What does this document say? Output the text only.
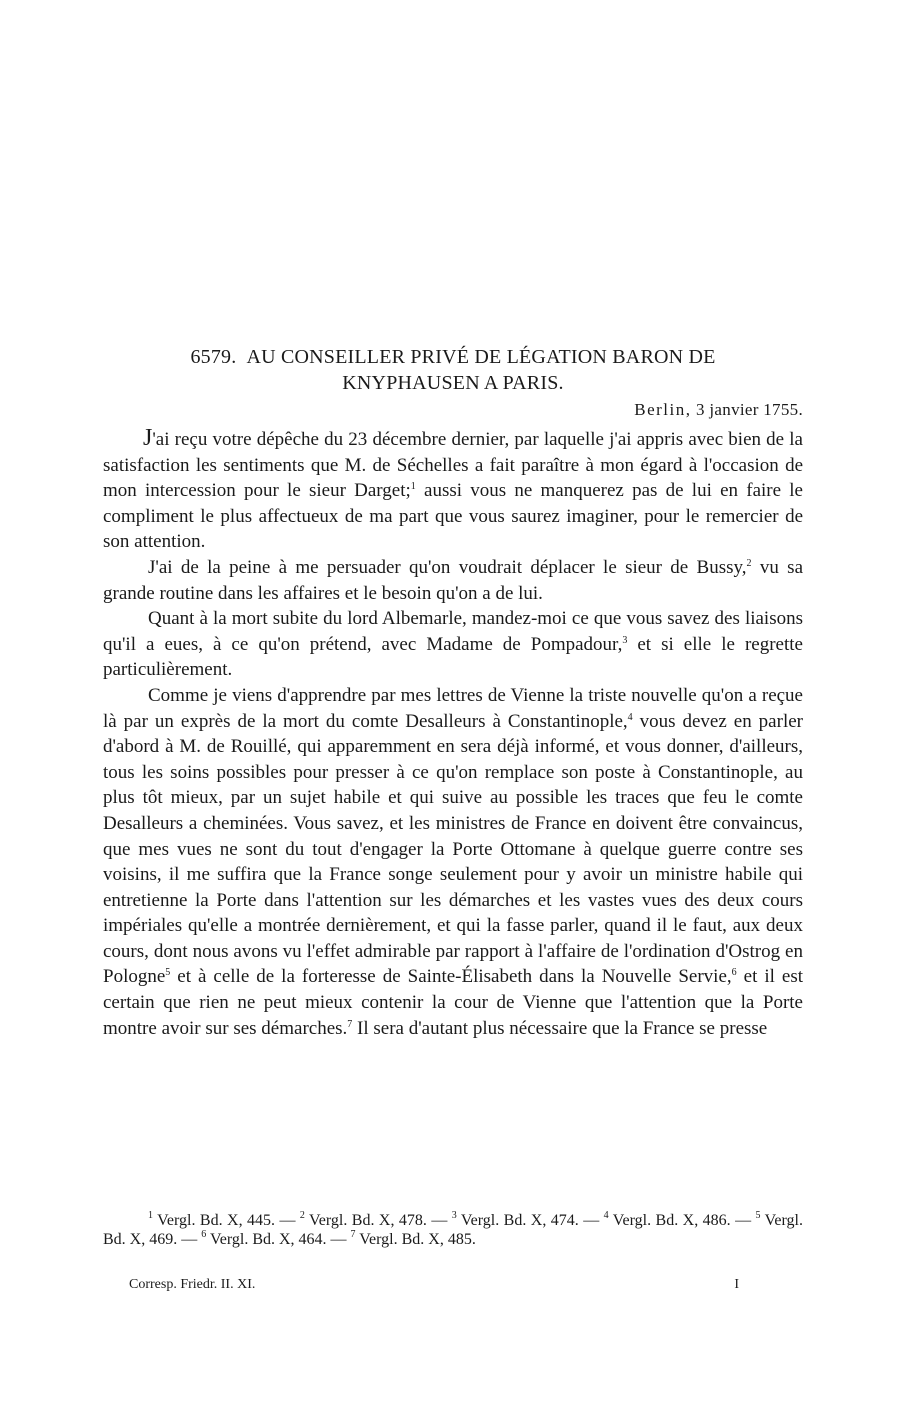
6579. AU CONSEILLER PRIVÉ DE LÉGATION BARON DE
KNYPHAUSEN A PARIS.
Berlin, 3 janvier 1755.

J'ai reçu votre dépêche du 23 décembre dernier, par laquelle j'ai appris avec bien de la satisfaction les sentiments que M. de Séchelles a fait paraître à mon égard à l'occasion de mon intercession pour le sieur Darget;$^1$ aussi vous ne manquerez pas de lui en faire le compliment le plus affectueux de ma part que vous saurez imaginer, pour le remercier de son attention.

J'ai de la peine à me persuader qu'on voudrait déplacer le sieur de Bussy,$^2$ vu sa grande routine dans les affaires et le besoin qu'on a de lui.

Quant à la mort subite du lord Albemarle, mandez-moi ce que vous savez des liaisons qu'il a eues, à ce qu'on prétend, avec Madame de Pompadour,$^3$ et si elle le regrette particulièrement.

Comme je viens d'apprendre par mes lettres de Vienne la triste nouvelle qu'on a reçue là par un exprès de la mort du comte Desalleurs à Constantinople,$^4$ vous devez en parler d'abord à M. de Rouillé, qui apparemment en sera déjà informé, et vous donner, d'ailleurs, tous les soins possibles pour presser à ce qu'on remplace son poste à Constantinople, au plus tôt mieux, par un sujet habile et qui suive au possible les traces que feu le comte Desalleurs a cheminées. Vous savez, et les ministres de France en doivent être convaincus, que mes vues ne sont du tout d'engager la Porte Ottomane à quelque guerre contre ses voisins, il me suffira que la France songe seulement pour y avoir un ministre habile qui entretienne la Porte dans l'attention sur les démarches et les vastes vues des deux cours impériales qu'elle a montrée dernièrement, et qui la fasse parler, quand il le faut, aux deux cours, dont nous avons vu l'effet admirable par rapport à l'affaire de l'ordination d'Ostrog en Pologne$^5$ et à celle de la forteresse de Sainte-Élisabeth dans la Nouvelle Servie,$^6$ et il est certain que rien ne peut mieux contenir la cour de Vienne que l'attention que la Porte montre avoir sur ses démarches.$^7$ Il sera d'autant plus nécessaire que la France se presse

$^1$ Vergl. Bd. X, 445. — $^2$ Vergl. Bd. X, 478. — $^3$ Vergl. Bd. X, 474. — $^4$ Vergl. Bd. X, 486. — $^5$ Vergl. Bd. X, 469. — $^6$ Vergl. Bd. X, 464. — $^7$ Vergl. Bd. X, 485.

Corresp. Friedr. II. XI.	I
